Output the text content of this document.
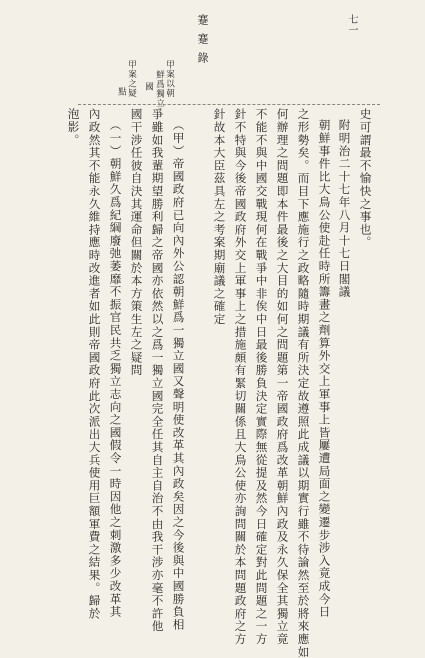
蹇蹇錄	七一
甲案以朝
鮮爲獨立
國
甲案之疑
點
史可謂最不愉快之事也。
附明治二十七年八月十七日閣議
朝鮮事件比大鳥公使赴任時所籌畫之劑算外交上軍事上皆屢遭局面之變遷步涉入竟成今日
之形勢矣。而目下應施行之政略隨時期議有所決定故遵照此成議以期實行雖不待論然至於將來應如
何辦理之問題即本件最後之大目的如何之問題第一帝國政府爲改革朝鮮內政及永久保全其獨立竟
不能不與中國交戰現何在戰爭中非俟中日最後勝負決定實際無從提及然今日確定對此問題之一方
針不特與今後帝國政府外交上軍事上之措施頗有緊切關係且大鳥公使亦詢問關於本問題政府之方
針故本大臣茲具左之考案期廟議之確定
（甲）帝國政府已向內外公認朝鮮爲一獨立國又聲明使改革其內政矣因之今後與中國勝負相
爭雖如我輩期望勝利歸之帝國亦依然以之爲一獨立國完全任其自主自治不由我干涉亦毫不許他
國干涉任彼自決其運命但關於本方策生左之疑問
（一）朝鮮久爲紀綱廢弛萎靡不振官民共乏獨立志向之國假令一時因他之刺激多少改革其
內政然其不能永久維持應時改進者如此則帝國政府此次派出大兵使用巨額軍費之結果。歸於
泡影。
